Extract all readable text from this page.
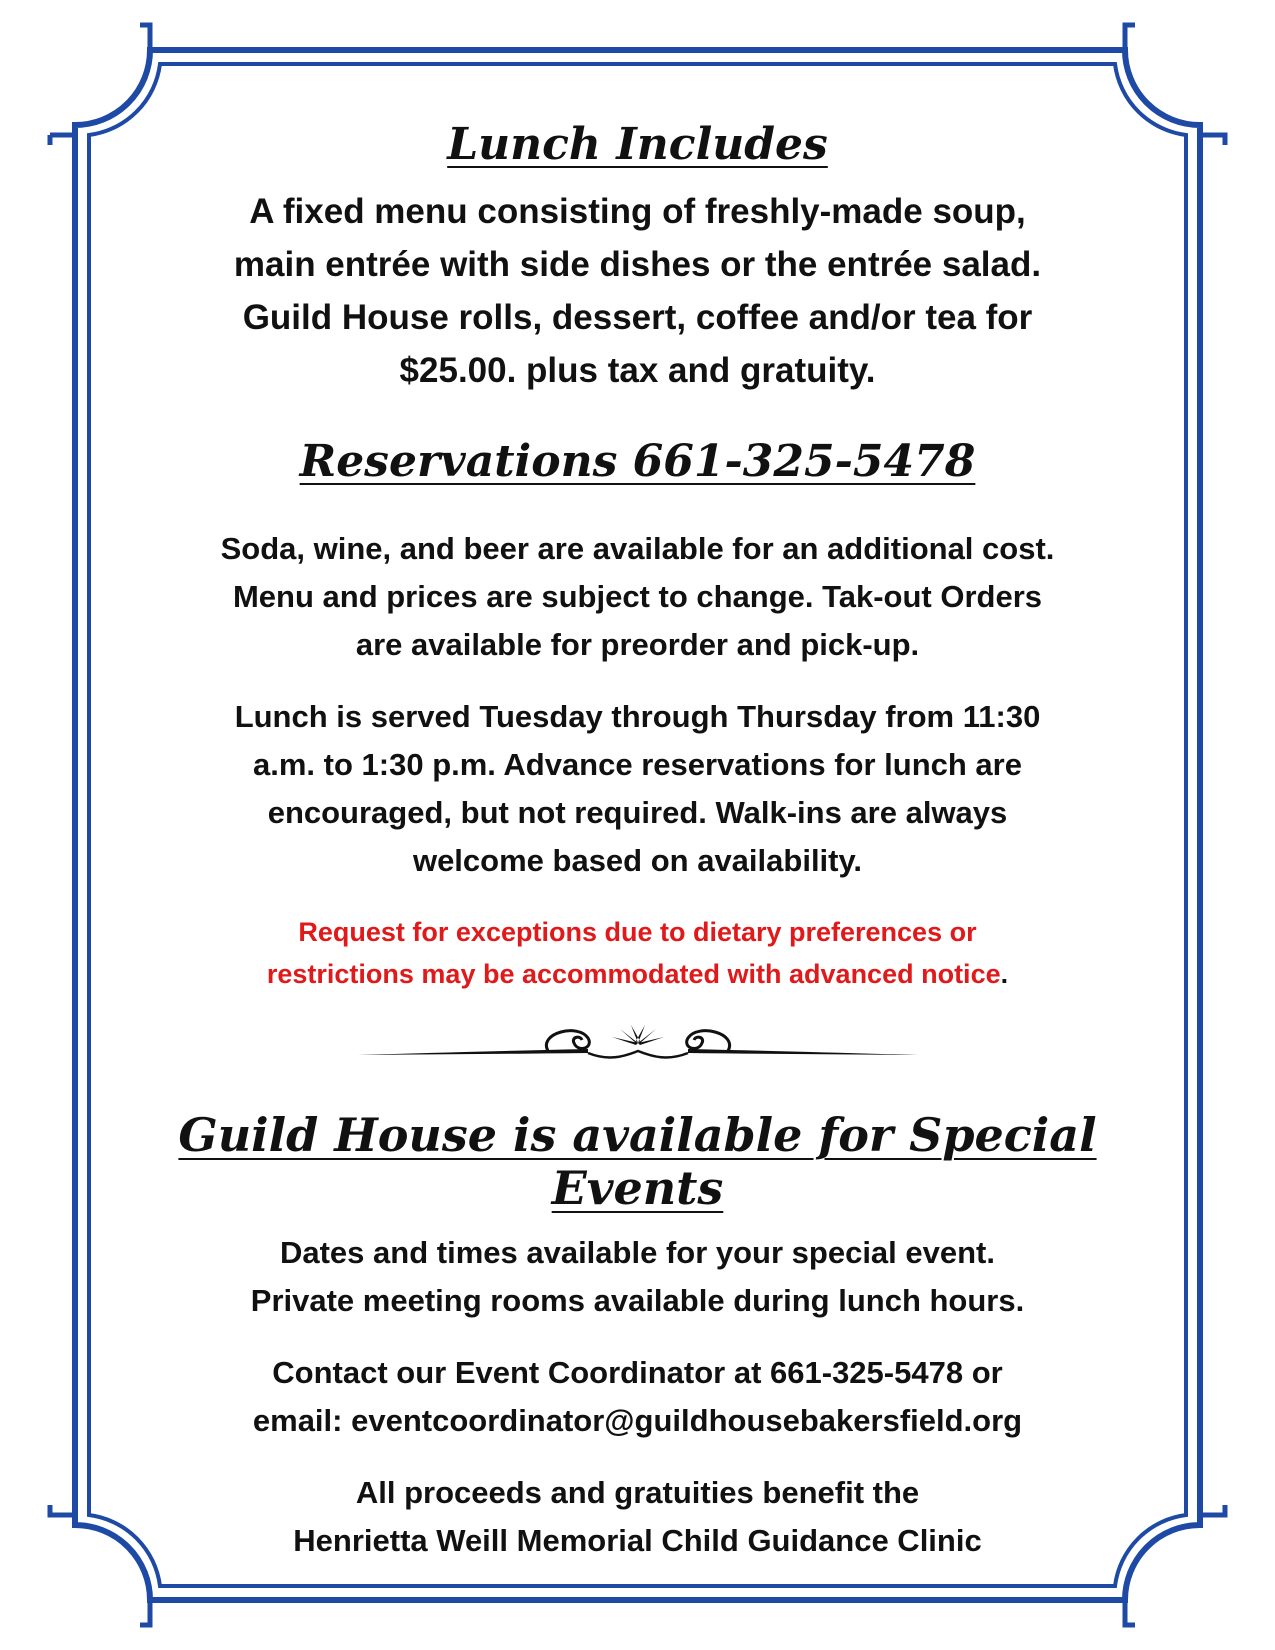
Lunch Includes

A fixed menu consisting of freshly-made soup,
main entrée with side dishes or the entrée salad.
Guild House rolls, dessert, coffee and/or tea for
$25.00. plus tax and gratuity.

Reservations 661-325-5478

Soda, wine, and beer are available for an additional cost.
Menu and prices are subject to change. Tak-out Orders
are available for preorder and pick-up.

Lunch is served Tuesday through Thursday from 11:30
a.m. to 1:30 p.m. Advance reservations for lunch are
encouraged, but not required. Walk-ins are always
welcome based on availability.

Request for exceptions due to dietary preferences or
restrictions may be accommodated with advanced notice.

Guild House is available for Special Events

Dates and times available for your special event.
Private meeting rooms available during lunch hours.

Contact our Event Coordinator at 661-325-5478 or
email: eventcoordinator@guildhousebakersfield.org

All proceeds and gratuities benefit the
Henrietta Weill Memorial Child Guidance Clinic
